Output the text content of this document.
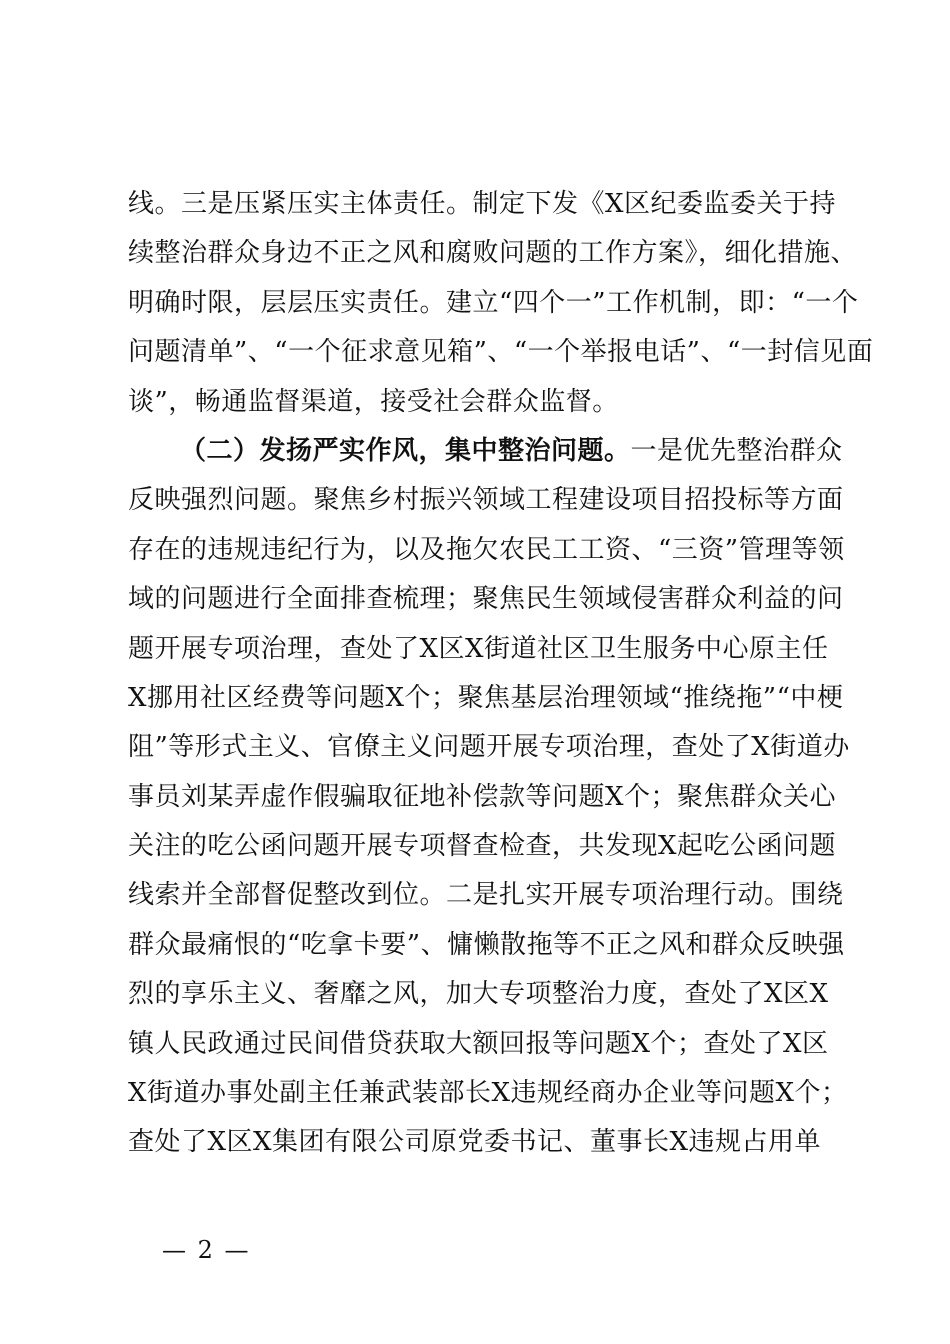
线。三是压紧压实主体责任。制定下发《X区纪委监委关于持
续整治群众身边不正之风和腐败问题的工作方案》，细化措施、
明确时限，层层压实责任。建立“四个一”工作机制，即：“一个
问题清单”、“一个征求意见箱”、“一个举报电话”、“一封信见面
谈”，畅通监督渠道，接受社会群众监督。
（二）发扬严实作风，集中整治问题。一是优先整治群众
反映强烈问题。聚焦乡村振兴领域工程建设项目招投标等方面
存在的违规违纪行为，以及拖欠农民工工资、“三资”管理等领
域的问题进行全面排查梳理；聚焦民生领域侵害群众利益的问
题开展专项治理，查处了X区X街道社区卫生服务中心原主任
X挪用社区经费等问题X个；聚焦基层治理领域“推绕拖”“中梗
阻”等形式主义、官僚主义问题开展专项治理，查处了X街道办
事员刘某弄虚作假骗取征地补偿款等问题X个；聚焦群众关心
关注的吃公函问题开展专项督查检查，共发现X起吃公函问题
线索并全部督促整改到位。二是扎实开展专项治理行动。围绕
群众最痛恨的“吃拿卡要”、慵懒散拖等不正之风和群众反映强
烈的享乐主义、奢靡之风，加大专项整治力度，查处了X区X
镇人民政通过民间借贷获取大额回报等问题X个；查处了X区
X街道办事处副主任兼武装部长X违规经商办企业等问题X个；
查处了X区X集团有限公司原党委书记、董事长X违规占用单
— 2 —
